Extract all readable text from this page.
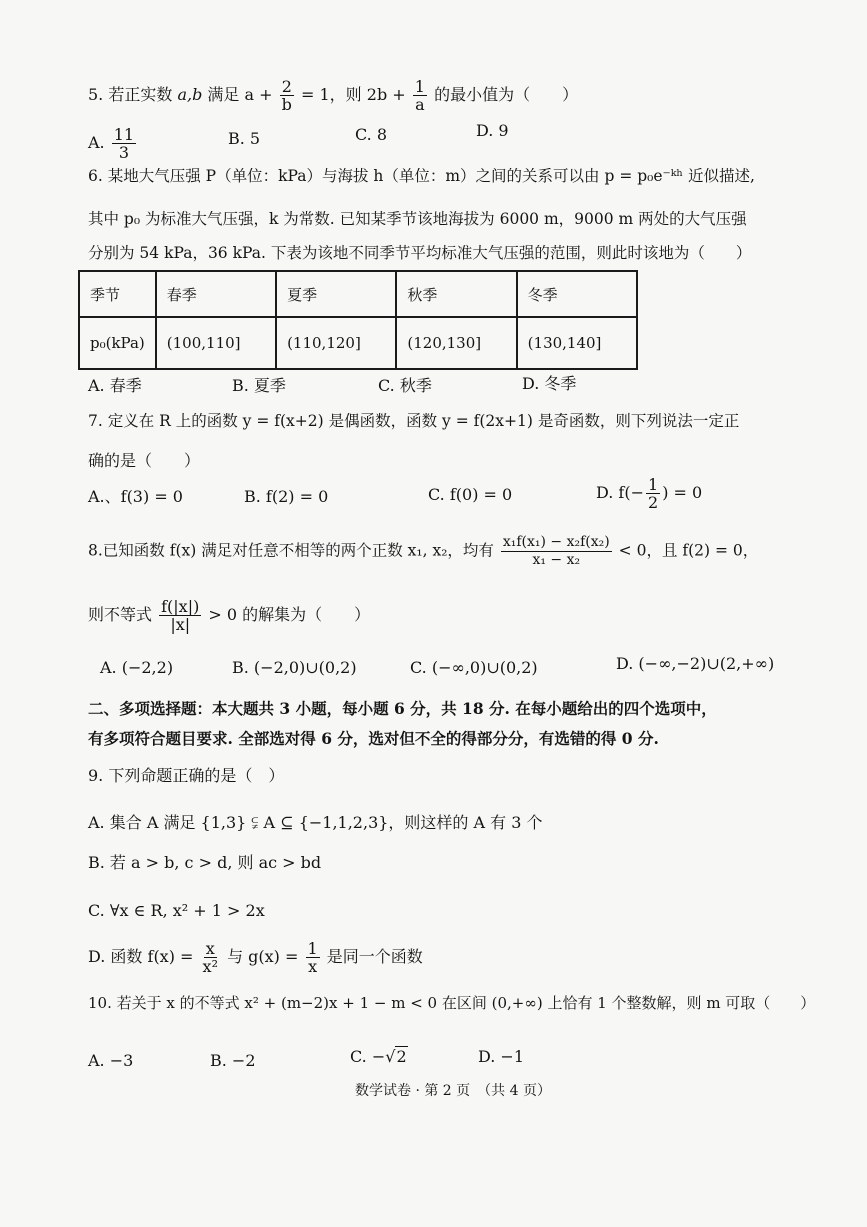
5. 若正实数 a,b 满足 $a + \frac{2}{b} = 1$，则 $2b + \frac{1}{a}$ 的最小值为（　　）
A. $\frac{11}{3}$	B. 5	C. 8	D. 9
6. 某地大气压强 P（单位：kPa）与海拔 h（单位：m）之间的关系可以由 p = p₀e⁻ᵏʰ 近似描述,
其中 p₀ 为标准大气压强，k 为常数. 已知某季节该地海拔为 6000 m，9000 m 两处的大气压强
分别为 54 kPa，36 kPa. 下表为该地不同季节平均标准大气压强的范围，则此时该地为（　　）
季节	春季	夏季	秋季	冬季
p₀(kPa)	(100,110]	(110,120]	(120,130]	(130,140]
A. 春季	B. 夏季	C. 秋季	D. 冬季
7. 定义在 R 上的函数 y = f(x+2) 是偶函数，函数 y = f(2x+1) 是奇函数，则下列说法一定正
确的是（　　）
A.、f(3) = 0	B. f(2) = 0	C. f(0) = 0	D. $f(- \frac{1}{2}$ ) = 0
8.已知函数 f(x) 满足对任意不相等的两个正数 x₁, x₂，均有 $\frac{\text{x₁f(x₁) − x₂f(x₂)}}{\text{x₁ − x₂}} < 0$，且 f(2) = 0，
则不等式 $\frac{f(|x|)}{|x|} > 0$ 的解集为（　　）
A. (−2,2)	B. (−2,0)∪(0,2)	C. (−∞,0)∪(0,2)	D. (−∞,−2)∪(2,+∞)
二、多项选择题：本大题共 3 小题，每小题 6 分，共 18 分. 在每小题给出的四个选项中，
有多项符合题目要求. 全部选对得 6 分，选对但不全的得部分分，有选错的得 0 分.
9. 下列命题正确的是（　）
A. 集合 A 满足 {1,3} ⫋ A ⊆ {−1,1,2,3}，则这样的 A 有 3 个
B. 若 a > b, c > d, 则 ac > bd
C. ∀x ∈ R, x² + 1 > 2x
D. 函数 $f(x) = \frac{x}{\text{x²}}$ 与 $g(x) = \frac{1}{x}$ 是同一个函数
10. 若关于 x 的不等式 x² + (m−2)x + 1 − m < 0 在区间 (0,+∞) 上恰有 1 个整数解，则 m 可取（　　）
A. −3	B. −2	C. −√2	D. −1
数学试卷 · 第 2 页　（共 4 页）
